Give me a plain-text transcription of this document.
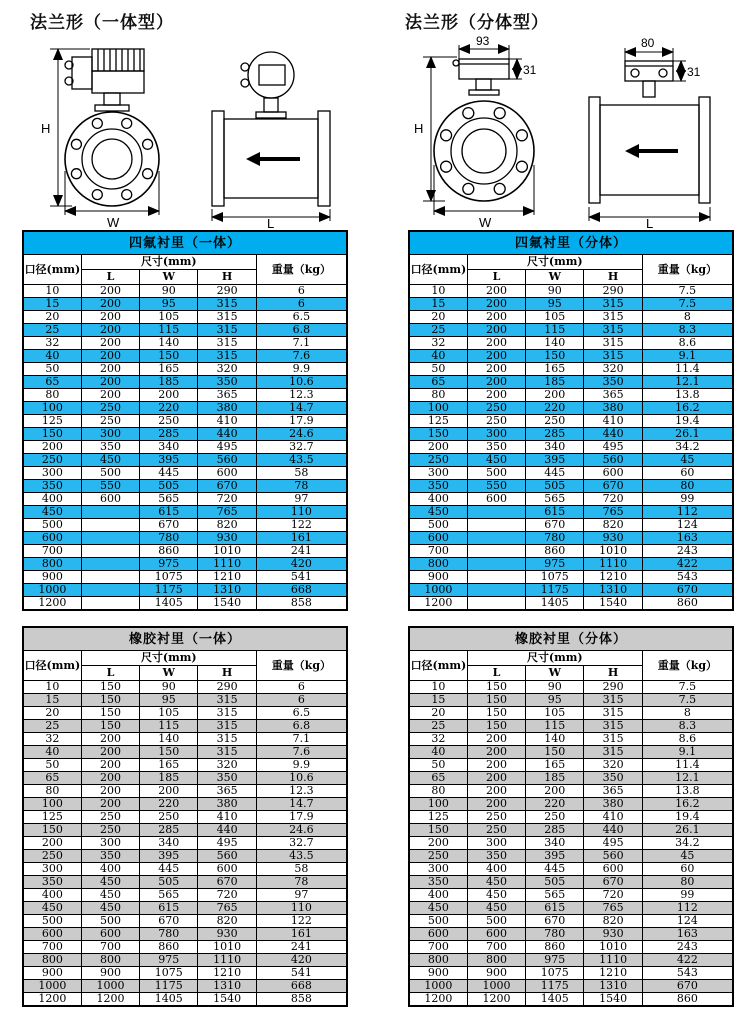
法兰形（一体型）
H
W	L
法兰形（分体型）
93
31
H
W
80
31
L
四氟衬里（一体）				
口径(mm)	尺寸(mm)			重量（kg）
	L	W	H	
10	200	90	290	6
15	200	95	315	6
20	200	105	315	6.5
25	200	115	315	6.8
32	200	140	315	7.1
40	200	150	315	7.6
50	200	165	320	9.9
65	200	185	350	10.6
80	200	200	365	12.3
100	250	220	380	14.7
125	250	250	410	17.9
150	300	285	440	24.6
200	350	340	495	32.7
250	450	395	560	43.5
300	500	445	600	58
350	550	505	670	78
400	600	565	720	97
450		615	765	110
500		670	820	122
600		780	930	161
700		860	1010	241
800		975	1110	420
900		1075	1210	541
1000		1175	1310	668
1200		1405	1540	858
四氟衬里（分体）				
口径(mm)	尺寸(mm)			重量（kg）
	L	W	H	
10	200	90	290	7.5
15	200	95	315	7.5
20	200	105	315	8
25	200	115	315	8.3
32	200	140	315	8.6
40	200	150	315	9.1
50	200	165	320	11.4
65	200	185	350	12.1
80	200	200	365	13.8
100	250	220	380	16.2
125	250	250	410	19.4
150	300	285	440	26.1
200	350	340	495	34.2
250	450	395	560	45
300	500	445	600	60
350	550	505	670	80
400	600	565	720	99
450		615	765	112
500		670	820	124
600		780	930	163
700		860	1010	243
800		975	1110	422
900		1075	1210	543
1000		1175	1310	670
1200		1405	1540	860
橡胶衬里（一体）				
口径(mm)	尺寸(mm)			重量（kg）
	L	W	H	
10	150	90	290	6
15	150	95	315	6
20	150	105	315	6.5
25	150	115	315	6.8
32	200	140	315	7.1
40	200	150	315	7.6
50	200	165	320	9.9
65	200	185	350	10.6
80	200	200	365	12.3
100	200	220	380	14.7
125	250	250	410	17.9
150	250	285	440	24.6
200	300	340	495	32.7
250	350	395	560	43.5
300	400	445	600	58
350	450	505	670	78
400	450	565	720	97
450	450	615	765	110
500	500	670	820	122
600	600	780	930	161
700	700	860	1010	241
800	800	975	1110	420
900	900	1075	1210	541
1000	1000	1175	1310	668
1200	1200	1405	1540	858
橡胶衬里（分体）				
口径(mm)	尺寸(mm)			重量（kg）
	L	W	H	
10	150	90	290	7.5
15	150	95	315	7.5
20	150	105	315	8
25	150	115	315	8.3
32	200	140	315	8.6
40	200	150	315	9.1
50	200	165	320	11.4
65	200	185	350	12.1
80	200	200	365	13.8
100	200	220	380	16.2
125	250	250	410	19.4
150	250	285	440	26.1
200	300	340	495	34.2
250	350	395	560	45
300	400	445	600	60
350	450	505	670	80
400	450	565	720	99
450	450	615	765	112
500	500	670	820	124
600	600	780	930	163
700	700	860	1010	243
800	800	975	1110	422
900	900	1075	1210	543
1000	1000	1175	1310	670
1200	1200	1405	1540	860
